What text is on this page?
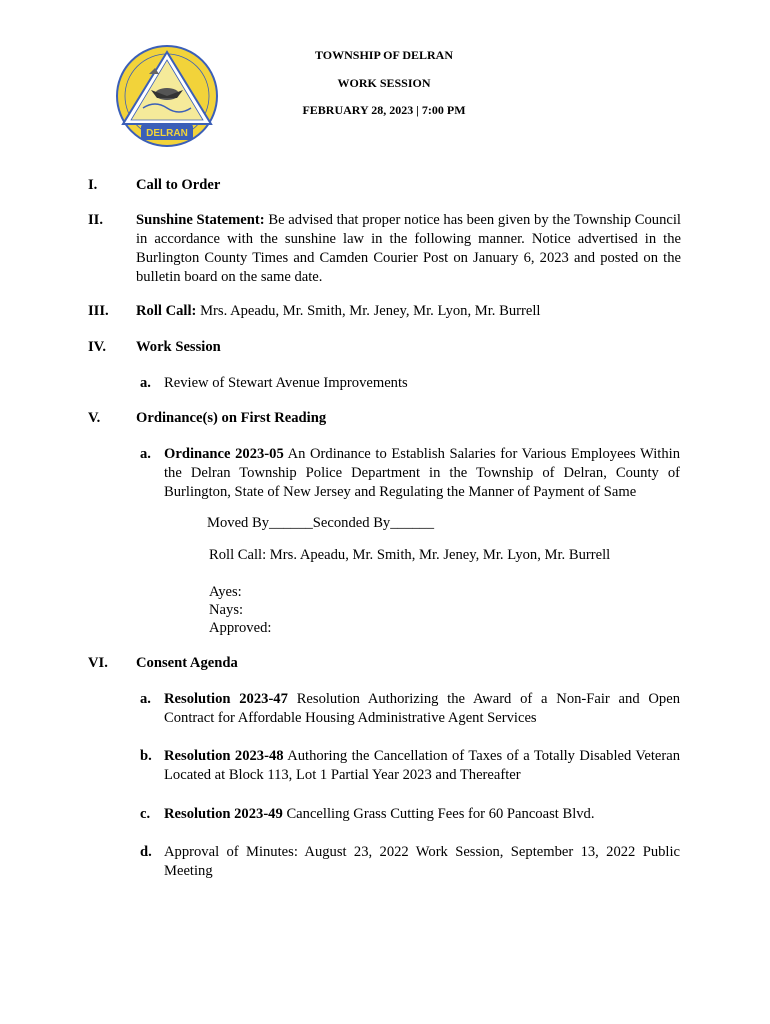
DELRAN
TOWNSHIP OF DELRAN
WORK SESSION
FEBRUARY 28, 2023 | 7:00 PM
I.	Call to Order
II. Sunshine Statement: Be advised that proper notice has been given by the Township Council in accordance with the sunshine law in the following manner. Notice advertised in the Burlington County Times and Camden Courier Post on January 6, 2023 and posted on the bulletin board on the same date.
III. Roll Call: Mrs. Apeadu, Mr. Smith, Mr. Jeney, Mr. Lyon, Mr. Burrell
IV. Work Session
a. Review of Stewart Avenue Improvements
V. Ordinance(s) on First Reading
a. Ordinance 2023-05 An Ordinance to Establish Salaries for Various Employees Within the Delran Township Police Department in the Township of Delran, County of Burlington, State of New Jersey and Regulating the Manner of Payment of Same
Moved By______Seconded By______
Roll Call: Mrs. Apeadu, Mr. Smith, Mr. Jeney, Mr. Lyon, Mr. Burrell
Ayes:
Nays:
Approved:
VI. Consent Agenda
a. Resolution 2023-47 Resolution Authorizing the Award of a Non-Fair and Open Contract for Affordable Housing Administrative Agent Services
b. Resolution 2023-48 Authoring the Cancellation of Taxes of a Totally Disabled Veteran Located at Block 113, Lot 1 Partial Year 2023 and Thereafter
c. Resolution 2023-49 Cancelling Grass Cutting Fees for 60 Pancoast Blvd.
d. Approval of Minutes: August 23, 2022 Work Session, September 13, 2022 Public Meeting
